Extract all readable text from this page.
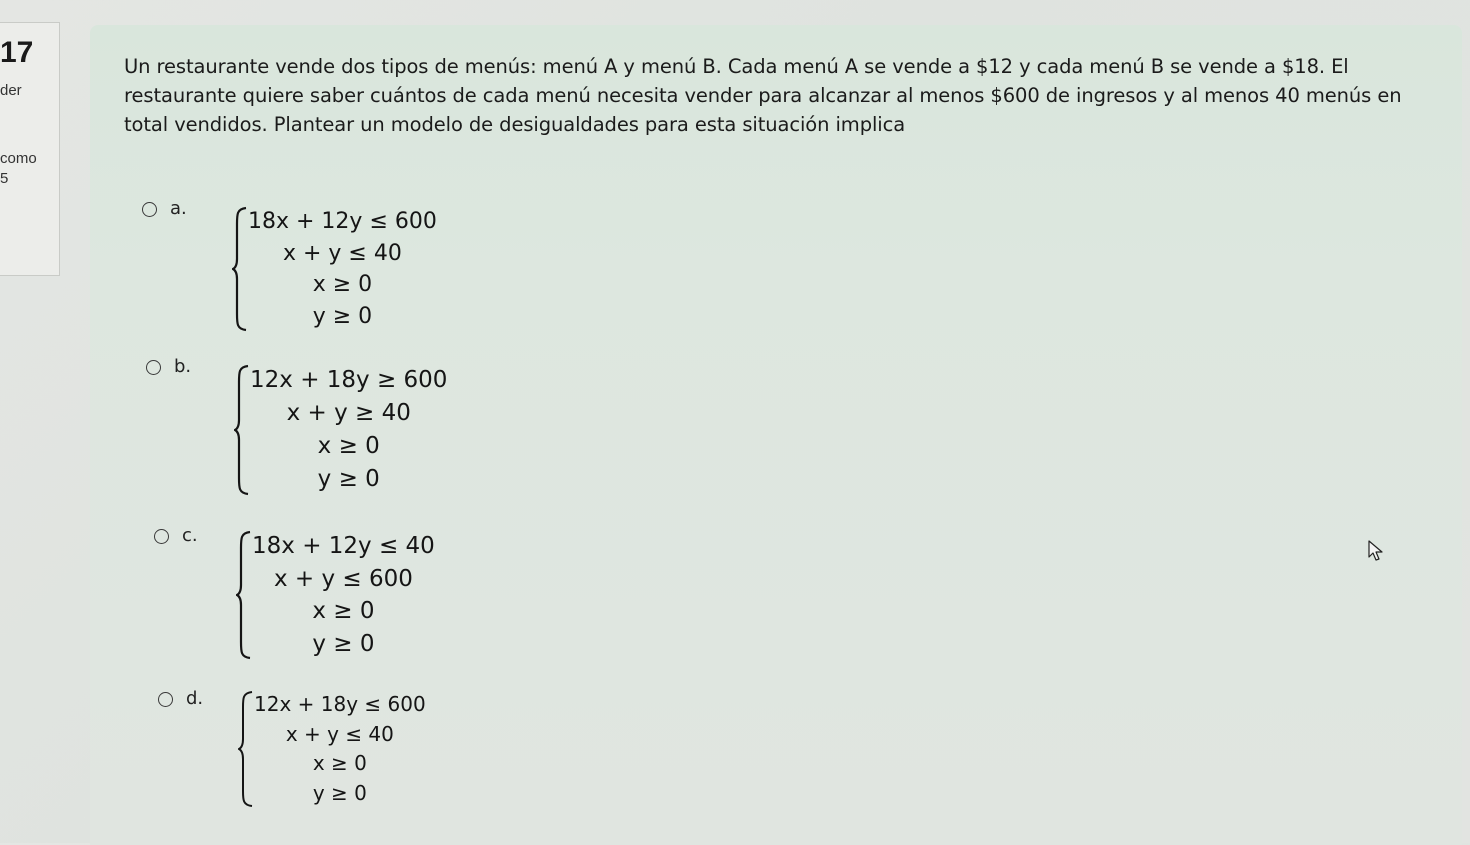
17
der
como
5
Un restaurante vende dos tipos de menús: menú A y menú B. Cada menú A se vende a $12 y cada menú B se vende a $18. El restaurante quiere saber cuántos de cada menú necesita vender para alcanzar al menos $600 de ingresos y al menos 40 menús en total vendidos. Plantear un modelo de desigualdades para esta situación implica
a.
18x + 12y ≤ 600
x + y ≤ 40
x ≥ 0
y ≥ 0
b.
12x + 18y ≥ 600
x + y ≥ 40
x ≥ 0
y ≥ 0
c. 18x + 12y ≤ 40
x + y ≤ 600
x ≥ 0
y ≥ 0
d.	12x + 18y ≤ 600
x + y ≤ 40
x ≥ 0
y ≥ 0
